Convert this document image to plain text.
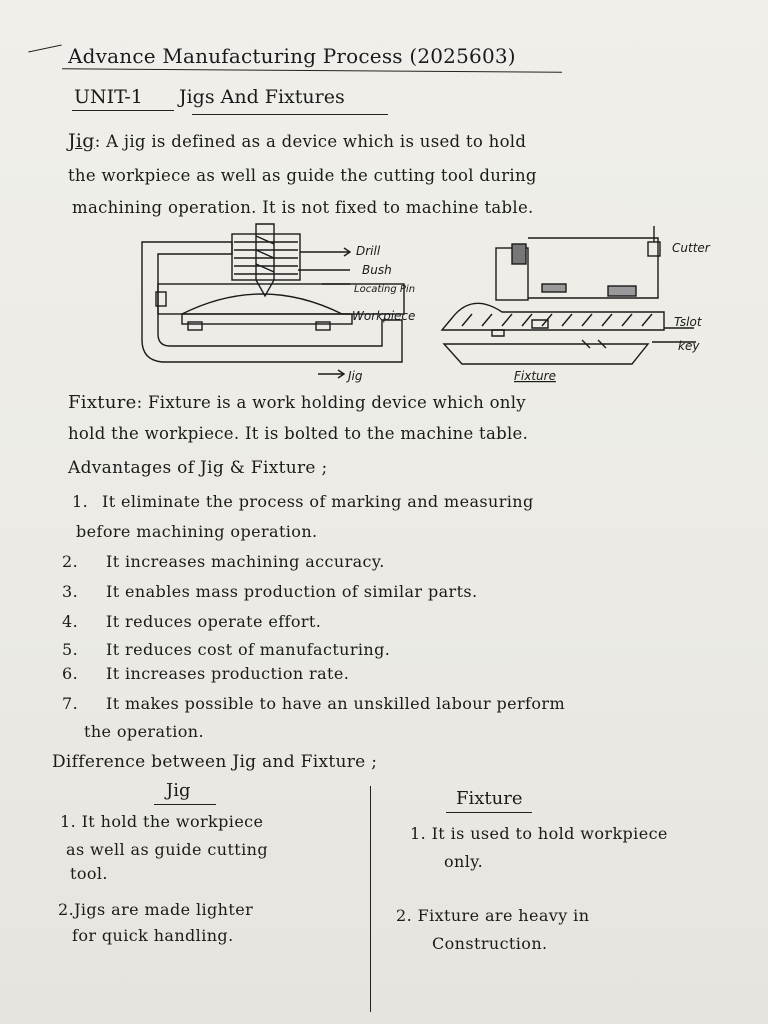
Advance Manufacturing Process (2025603)
UNIT-1 Jigs And Fixtures
Jig: A jig is defined as a device which is used to hold
the workpiece as well as guide the cutting tool during
machining operation. It is not fixed to machine table.
Drill
Bush
Locating Pin
Workpiece
Jig
Cutter
Tslot
key
Fixture
Fixture: Fixture is a work holding device which only
hold the workpiece. It is bolted to the machine table.
Advantages of Jig & Fixture ;
1. It eliminate the process of marking and measuring
before machining operation.
2. It increases machining accuracy.
3. It enables mass production of similar parts.
4. It reduces operate effort.
5. It reduces cost of manufacturing.
6. It increases production rate.
7. It makes possible to have an unskilled labour perform
the operation.
Difference between Jig and Fixture ;
Jig	Fixture
1. It hold the workpiece
as well as guide cutting
tool.
2.Jigs are made lighter
for quick handling.
1. It is used to hold workpiece
only.
2. Fixture are heavy in
Construction.
